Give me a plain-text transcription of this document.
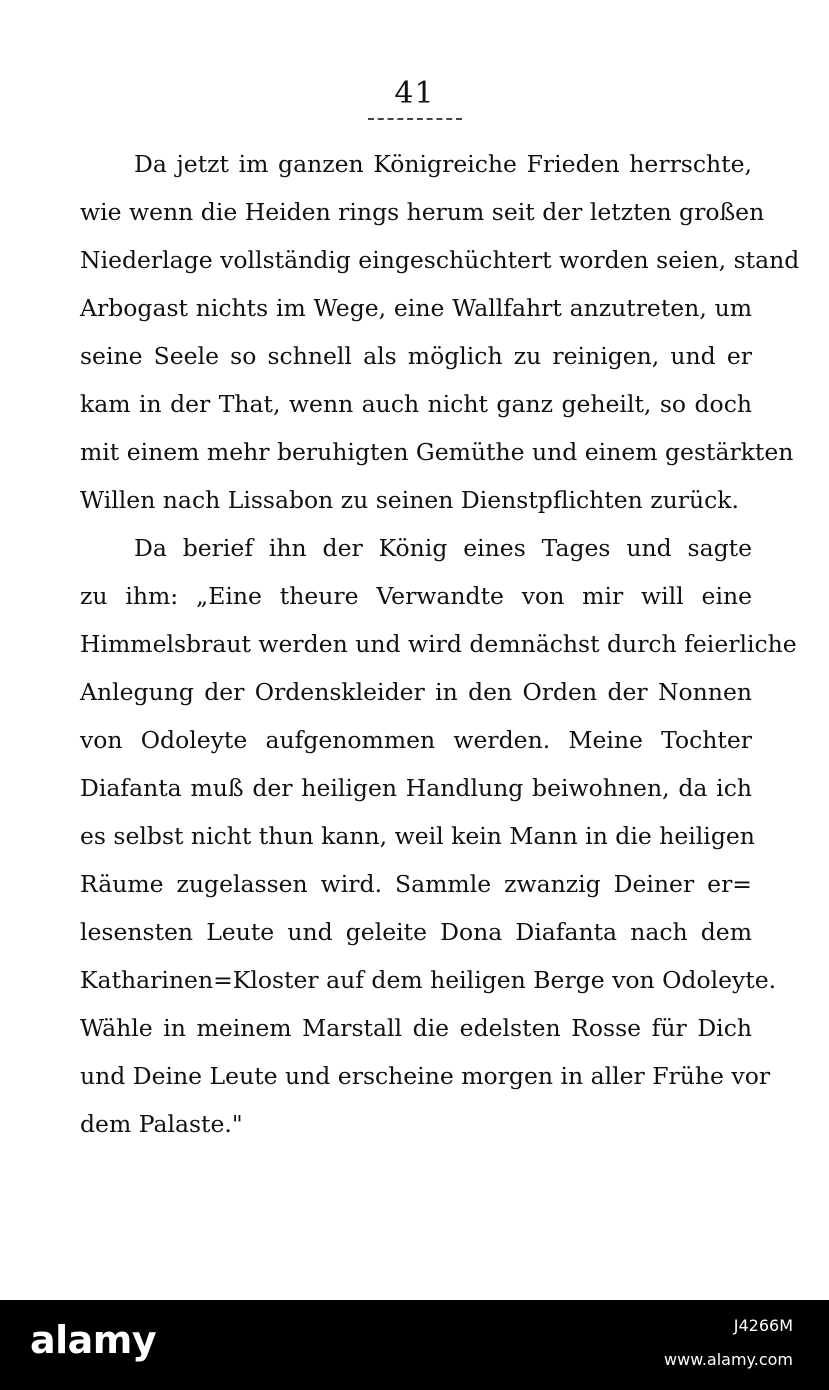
41
Da jetzt im ganzen Königreiche Frieden herrschte,
wie wenn die Heiden rings herum seit der letzten großen
Niederlage vollständig eingeschüchtert worden seien, stand
Arbogast nichts im Wege, eine Wallfahrt anzutreten, um
seine Seele so schnell als möglich zu reinigen, und er
kam in der That, wenn auch nicht ganz geheilt, so doch
mit einem mehr beruhigten Gemüthe und einem gestärkten
Willen nach Lissabon zu seinen Dienstpflichten zurück.
Da berief ihn der König eines Tages und sagte
zu ihm: „Eine theure Verwandte von mir will eine
Himmelsbraut werden und wird demnächst durch feierliche
Anlegung der Ordenskleider in den Orden der Nonnen
von Odoleyte aufgenommen werden. Meine Tochter
Diafanta muß der heiligen Handlung beiwohnen, da ich
es selbst nicht thun kann, weil kein Mann in die heiligen
Räume zugelassen wird. Sammle zwanzig Deiner er=
lesensten Leute und geleite Dona Diafanta nach dem
Katharinen=Kloster auf dem heiligen Berge von Odoleyte.
Wähle in meinem Marstall die edelsten Rosse für Dich
und Deine Leute und erscheine morgen in aller Frühe vor
dem Palaste."
alamy	J4266M
www.alamy.com
